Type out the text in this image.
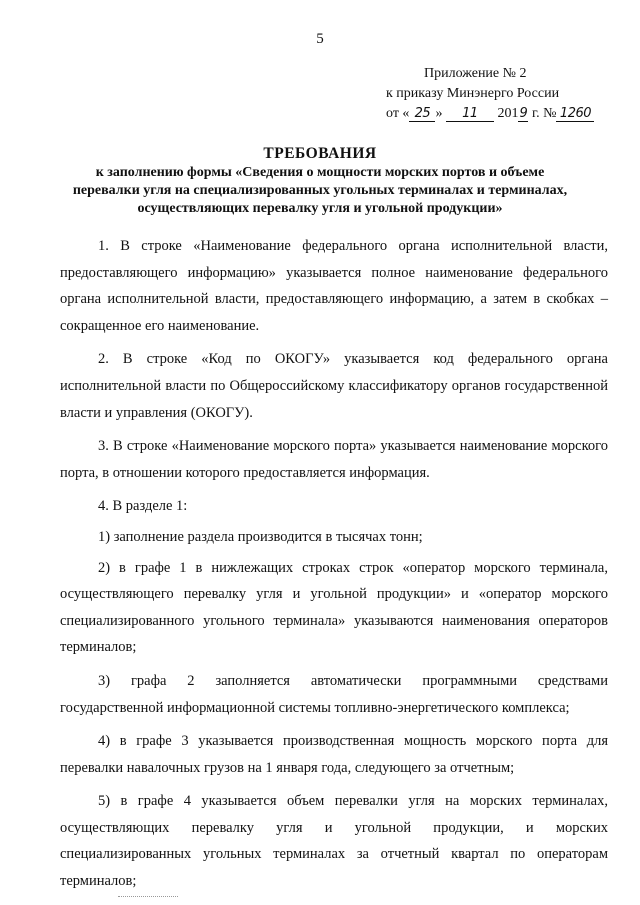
5
Приложение № 2
к приказу Минэнерго России
от « 25 » 11 2019 г. № 1260
ТРЕБОВАНИЯ
к заполнению формы «Сведения о мощности морских портов и объеме
перевалки угля на специализированных угольных терминалах и терминалах,
осуществляющих перевалку угля и угольной продукции»

1. В строке «Наименование федерального органа исполнительной власти, предоставляющего информацию» указывается полное наименование федерального органа исполнительной власти, предоставляющего информацию, а затем в скобках – сокращенное его наименование.

2. В строке «Код по ОКОГУ» указывается код федерального органа исполнительной власти по Общероссийскому классификатору органов государственной власти и управления (ОКОГУ).

3. В строке «Наименование морского порта» указывается наименование морского порта, в отношении которого предоставляется информация.

4. В разделе 1:

1) заполнение раздела производится в тысячах тонн;

2) в графе 1 в нижлежащих строках строк «оператор морского терминала, осуществляющего перевалку угля и угольной продукции» и «оператор морского специализированного угольного терминала» указываются наименования операторов терминалов;

3) графа 2 заполняется автоматически программными средствами государственной информационной системы топливно-энергетического комплекса;

4) в графе 3 указывается производственная мощность морского порта для перевалки навалочных грузов на 1 января года, следующего за отчетным;

5) в графе 4 указывается объем перевалки угля на морских терминалах, осуществляющих перевалку угля и угольной продукции, и морских специализированных угольных терминалах за отчетный квартал по операторам терминалов;
